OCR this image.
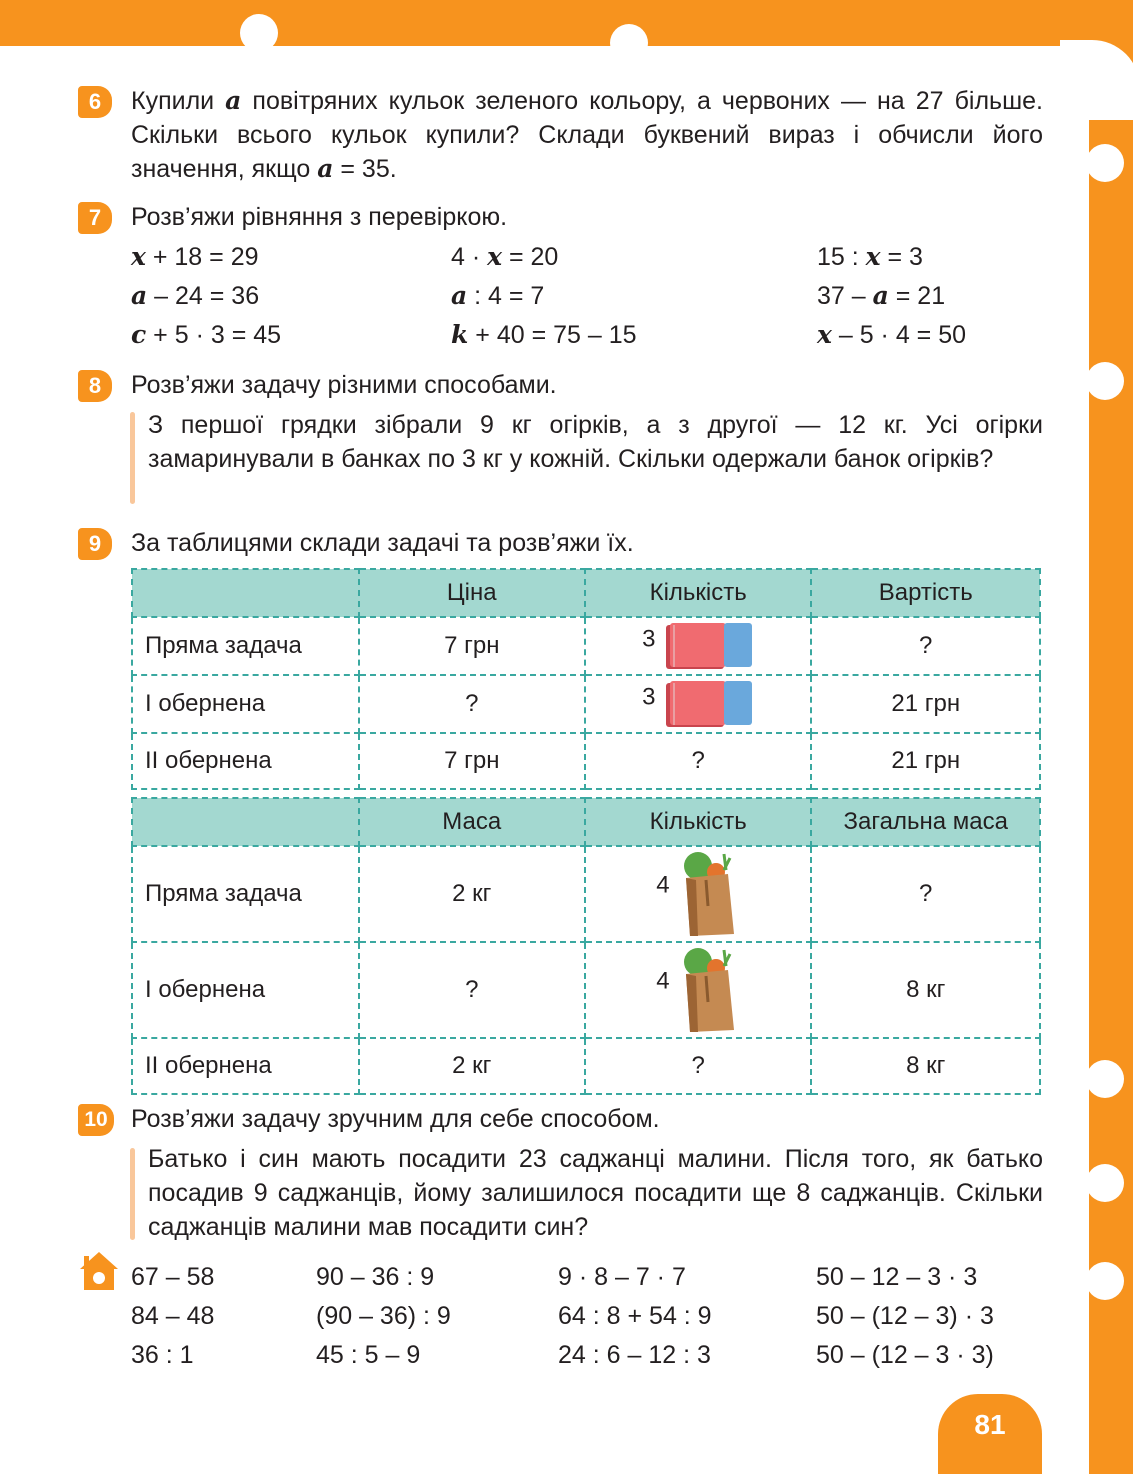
6	Купили a повітряних кульок зеленого кольору, а червоних — на 27 більше. Скільки всього кульок купили? Склади буквений вираз і обчисли його значення, якщо a = 35.
7	Розв’яжи рівняння з перевіркою.
x + 18 = 29	4 · x = 20	15 : x = 3
a – 24 = 36	a : 4 = 7	37 – a = 21
c + 5 · 3 = 45	k + 40 = 75 – 15	x – 5 · 4 = 50
8	Розв’яжи задачу різними способами.
З першої грядки зібрали 9 кг огірків, а з другої — 12 кг. Усі огірки замаринували в банках по 3 кг у кожній. Скільки одержали банок огірків?
9	За таблицями склади задачі та розв’яжи їх.
	Ціна	Кількість	Вартість
Пряма задача	7 грн	3	?
I обернена	?	3	21 грн
II обернена	7 грн	?	21 грн
	Маса	Кількість	Загальна маса
Пряма задача	2 кг	4	?
I обернена	?	4	8 кг
II обернена	2 кг	?	8 кг
10 Розв’яжи задачу зручним для себе способом.
Батько і син мають посадити 23 саджанці малини. Після того, як батько посадив 9 саджанців, йому залишилося посадити ще 8 саджанців. Скільки саджанців малини мав посадити син?
67 – 58	90 – 36 : 9	9 · 8 – 7 · 7	50 – 12 – 3 · 3
84 – 48	(90 – 36) : 9	64 : 8 + 54 : 9	50 – (12 – 3) · 3
36 : 1	45 : 5 – 9	24 : 6 – 12 : 3	50 – (12 – 3 · 3)
81
